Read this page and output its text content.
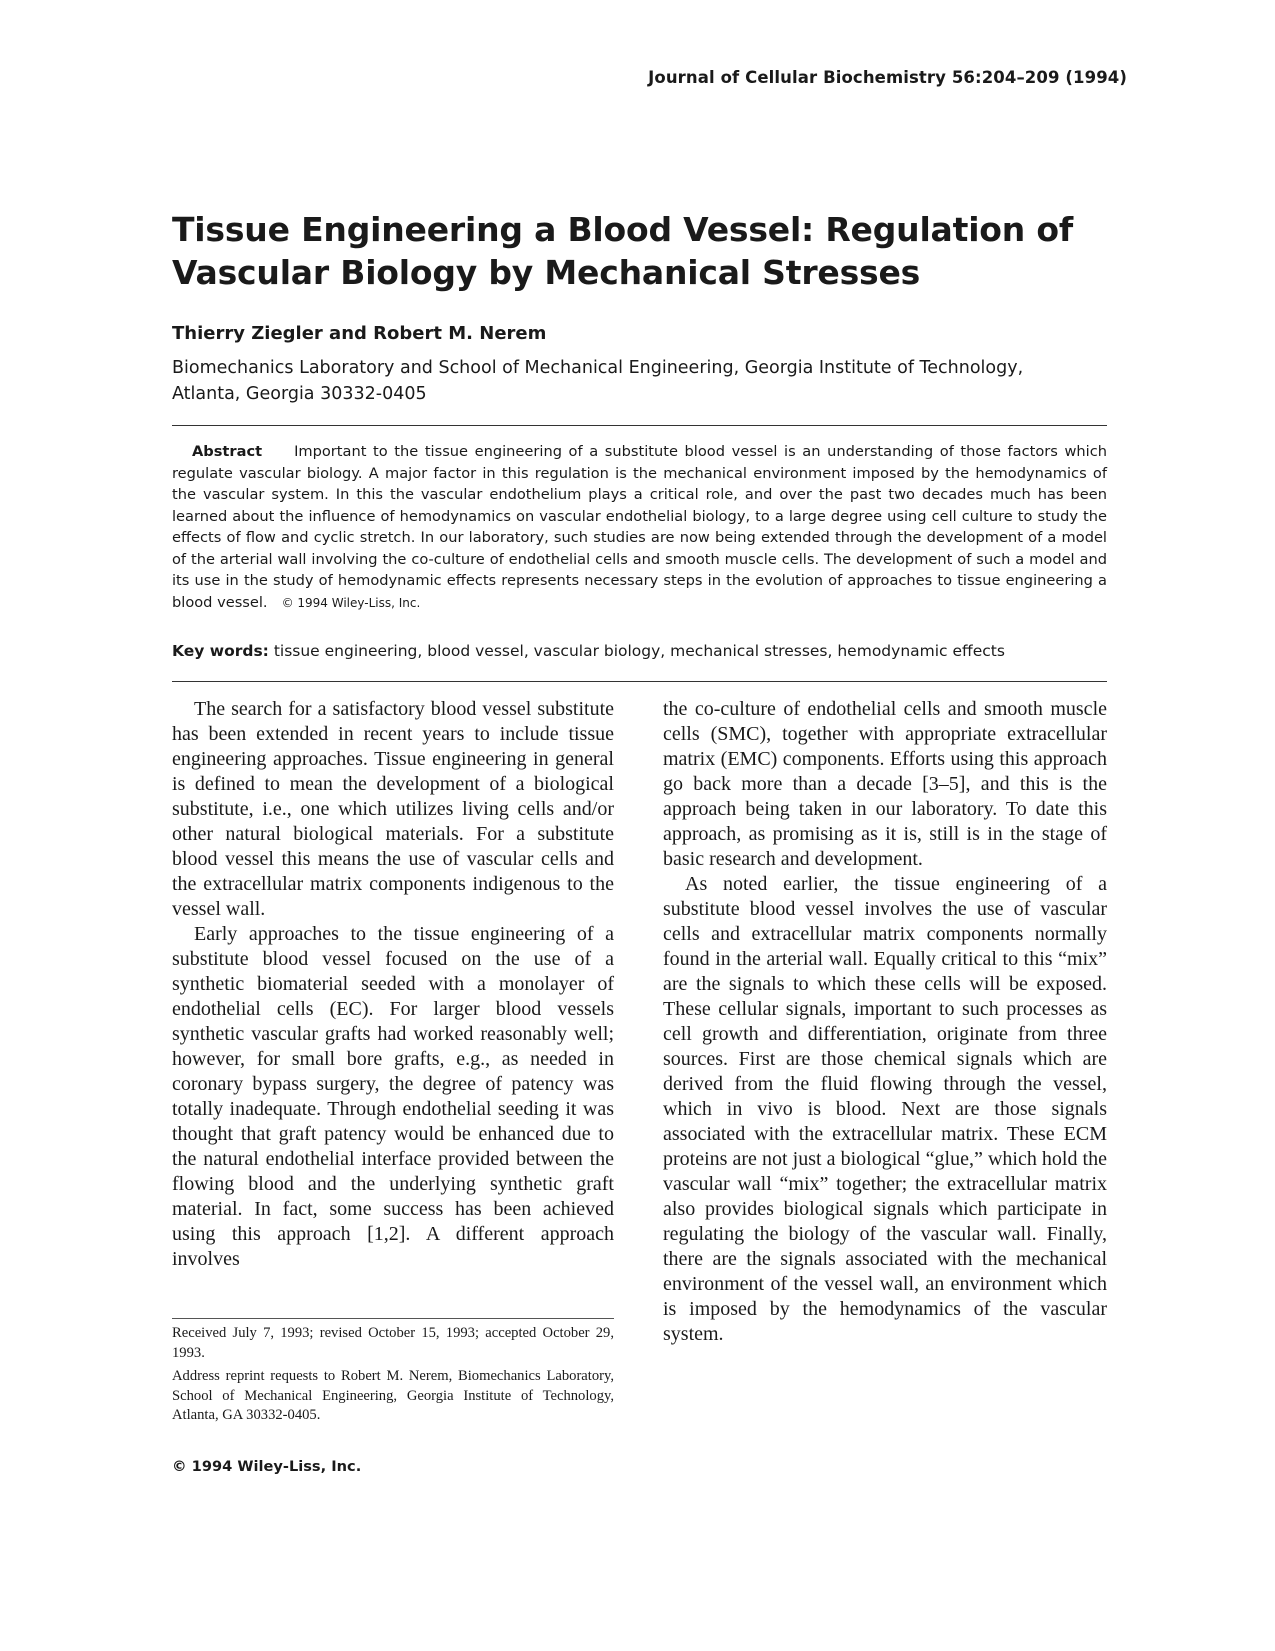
Journal of Cellular Biochemistry 56:204–209 (1994)
Tissue Engineering a Blood Vessel: Regulation of
Vascular Biology by Mechanical Stresses
Thierry Ziegler and Robert M. Nerem
Biomechanics Laboratory and School of Mechanical Engineering, Georgia Institute of Technology,
Atlanta, Georgia 30332-0405
Abstract Important to the tissue engineering of a substitute blood vessel is an understanding of those factors which regulate vascular biology. A major factor in this regulation is the mechanical environment imposed by the hemodynamics of the vascular system. In this the vascular endothelium plays a critical role, and over the past two decades much has been learned about the influence of hemodynamics on vascular endothelial biology, to a large degree using cell culture to study the effects of flow and cyclic stretch. In our laboratory, such studies are now being extended through the development of a model of the arterial wall involving the co-culture of endothelial cells and smooth muscle cells. The development of such a model and its use in the study of hemodynamic effects represents necessary steps in the evolution of approaches to tissue engineering a blood vessel. © 1994 Wiley-Liss, Inc.
Key words: tissue engineering, blood vessel, vascular biology, mechanical stresses, hemodynamic effects

The search for a satisfactory blood vessel substitute has been extended in recent years to include tissue engineering approaches. Tissue engineering in general is defined to mean the development of a biological substitute, i.e., one which utilizes living cells and/or other natural biological materials. For a substitute blood vessel this means the use of vascular cells and the extracellular matrix components indigenous to the vessel wall.

Early approaches to the tissue engineering of a substitute blood vessel focused on the use of a synthetic biomaterial seeded with a monolayer of endothelial cells (EC). For larger blood vessels synthetic vascular grafts had worked reasonably well; however, for small bore grafts, e.g., as needed in coronary bypass surgery, the degree of patency was totally inadequate. Through endothelial seeding it was thought that graft patency would be enhanced due to the natural endothelial interface provided between the flowing blood and the underlying synthetic graft material. In fact, some success has been achieved using this approach [1,2]. A different approach involves

the co-culture of endothelial cells and smooth muscle cells (SMC), together with appropriate extracellular matrix (EMC) components. Efforts using this approach go back more than a decade [3–5], and this is the approach being taken in our laboratory. To date this approach, as promising as it is, still is in the stage of basic research and development.

As noted earlier, the tissue engineering of a substitute blood vessel involves the use of vascular cells and extracellular matrix components normally found in the arterial wall. Equally critical to this “mix” are the signals to which these cells will be exposed. These cellular signals, important to such processes as cell growth and differentiation, originate from three sources. First are those chemical signals which are derived from the fluid flowing through the vessel, which in vivo is blood. Next are those signals associated with the extracellular matrix. These ECM proteins are not just a biological “glue,” which hold the vascular wall “mix” together; the extracellular matrix also provides biological signals which participate in regulating the biology of the vascular wall. Finally, there are the signals associated with the mechanical environment of the vessel wall, an environment which is imposed by the hemodynamics of the vascular system.

Received July 7, 1993; revised October 15, 1993; accepted October 29, 1993.

Address reprint requests to Robert M. Nerem, Biomechanics Laboratory, School of Mechanical Engineering, Georgia Institute of Technology, Atlanta, GA 30332-0405.

© 1994 Wiley-Liss, Inc.
